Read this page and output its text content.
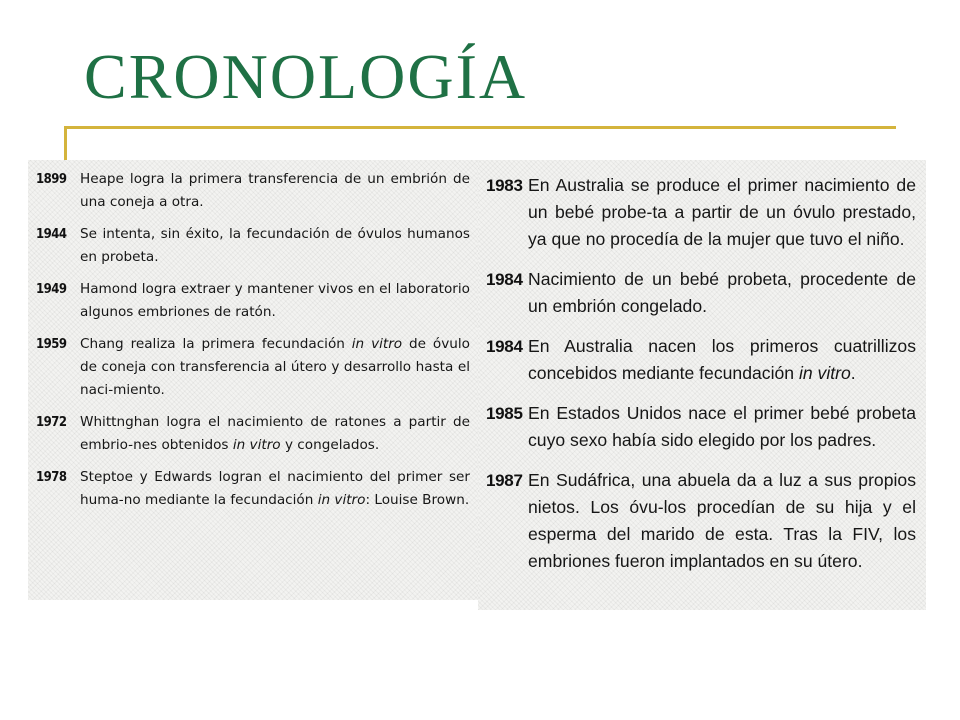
CRONOLOGÍA
1899 Heape logra la primera transferencia de un embrión de una coneja a otra.
1944 Se intenta, sin éxito, la fecundación de óvulos humanos en probeta.
1949 Hamond logra extraer y mantener vivos en el laboratorio algunos embriones de ratón.
1959 Chang realiza la primera fecundación in vitro de óvulo de coneja con transferencia al útero y desarrollo hasta el naci-miento.
1972 Whittnghan logra el nacimiento de ratones a partir de embrio-nes obtenidos in vitro y congelados.
1978 Steptoe y Edwards logran el nacimiento del primer ser huma-no mediante la fecundación in vitro: Louise Brown.
1983 En Australia se produce el primer nacimiento de un bebé probe-ta a partir de un óvulo prestado, ya que no procedía de la mujer que tuvo el niño.
1984 Nacimiento de un bebé probeta, procedente de un embrión congelado.
1984 En Australia nacen los primeros cuatrillizos concebidos mediante fecundación in vitro.
1985 En Estados Unidos nace el primer bebé probeta cuyo sexo había sido elegido por los padres.
1987 En Sudáfrica, una abuela da a luz a sus propios nietos. Los óvu-los procedían de su hija y el esperma del marido de esta. Tras la FIV, los embriones fueron implantados en su útero.
